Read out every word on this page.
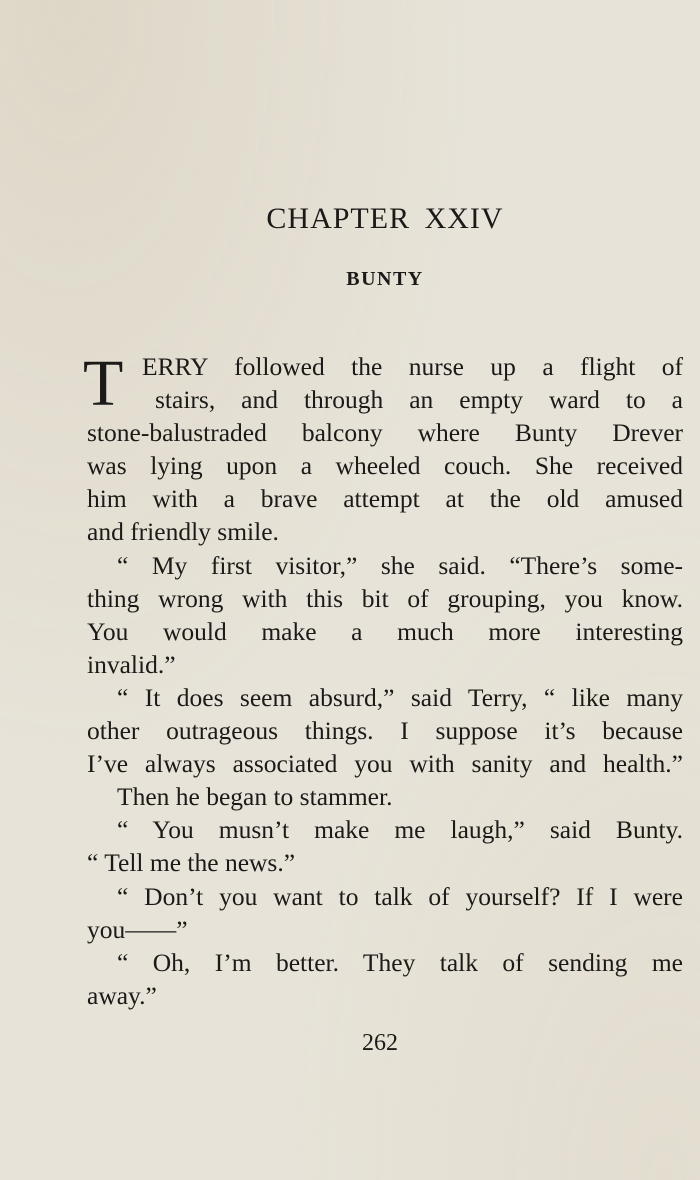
CHAPTER XXIV
BUNTY
T ERRY followed the nurse up a flight of
stairs, and through an empty ward to a
stone-balustraded balcony where Bunty Drever
was lying upon a wheeled couch. She received
him with a brave attempt at the old amused
and friendly smile.
“ My first visitor,” she said. “There’s some-
thing wrong with this bit of grouping, you know.
You would make a much more interesting
invalid.”
“ It does seem absurd,” said Terry, “ like many
other outrageous things. I suppose it’s because
I’ve always associated you with sanity and health.”
Then he began to stammer.
“ You musn’t make me laugh,” said Bunty.
“ Tell me the news.”
“ Don’t you want to talk of yourself? If I were
you——”
“ Oh, I’m better. They talk of sending me
away.”

262
